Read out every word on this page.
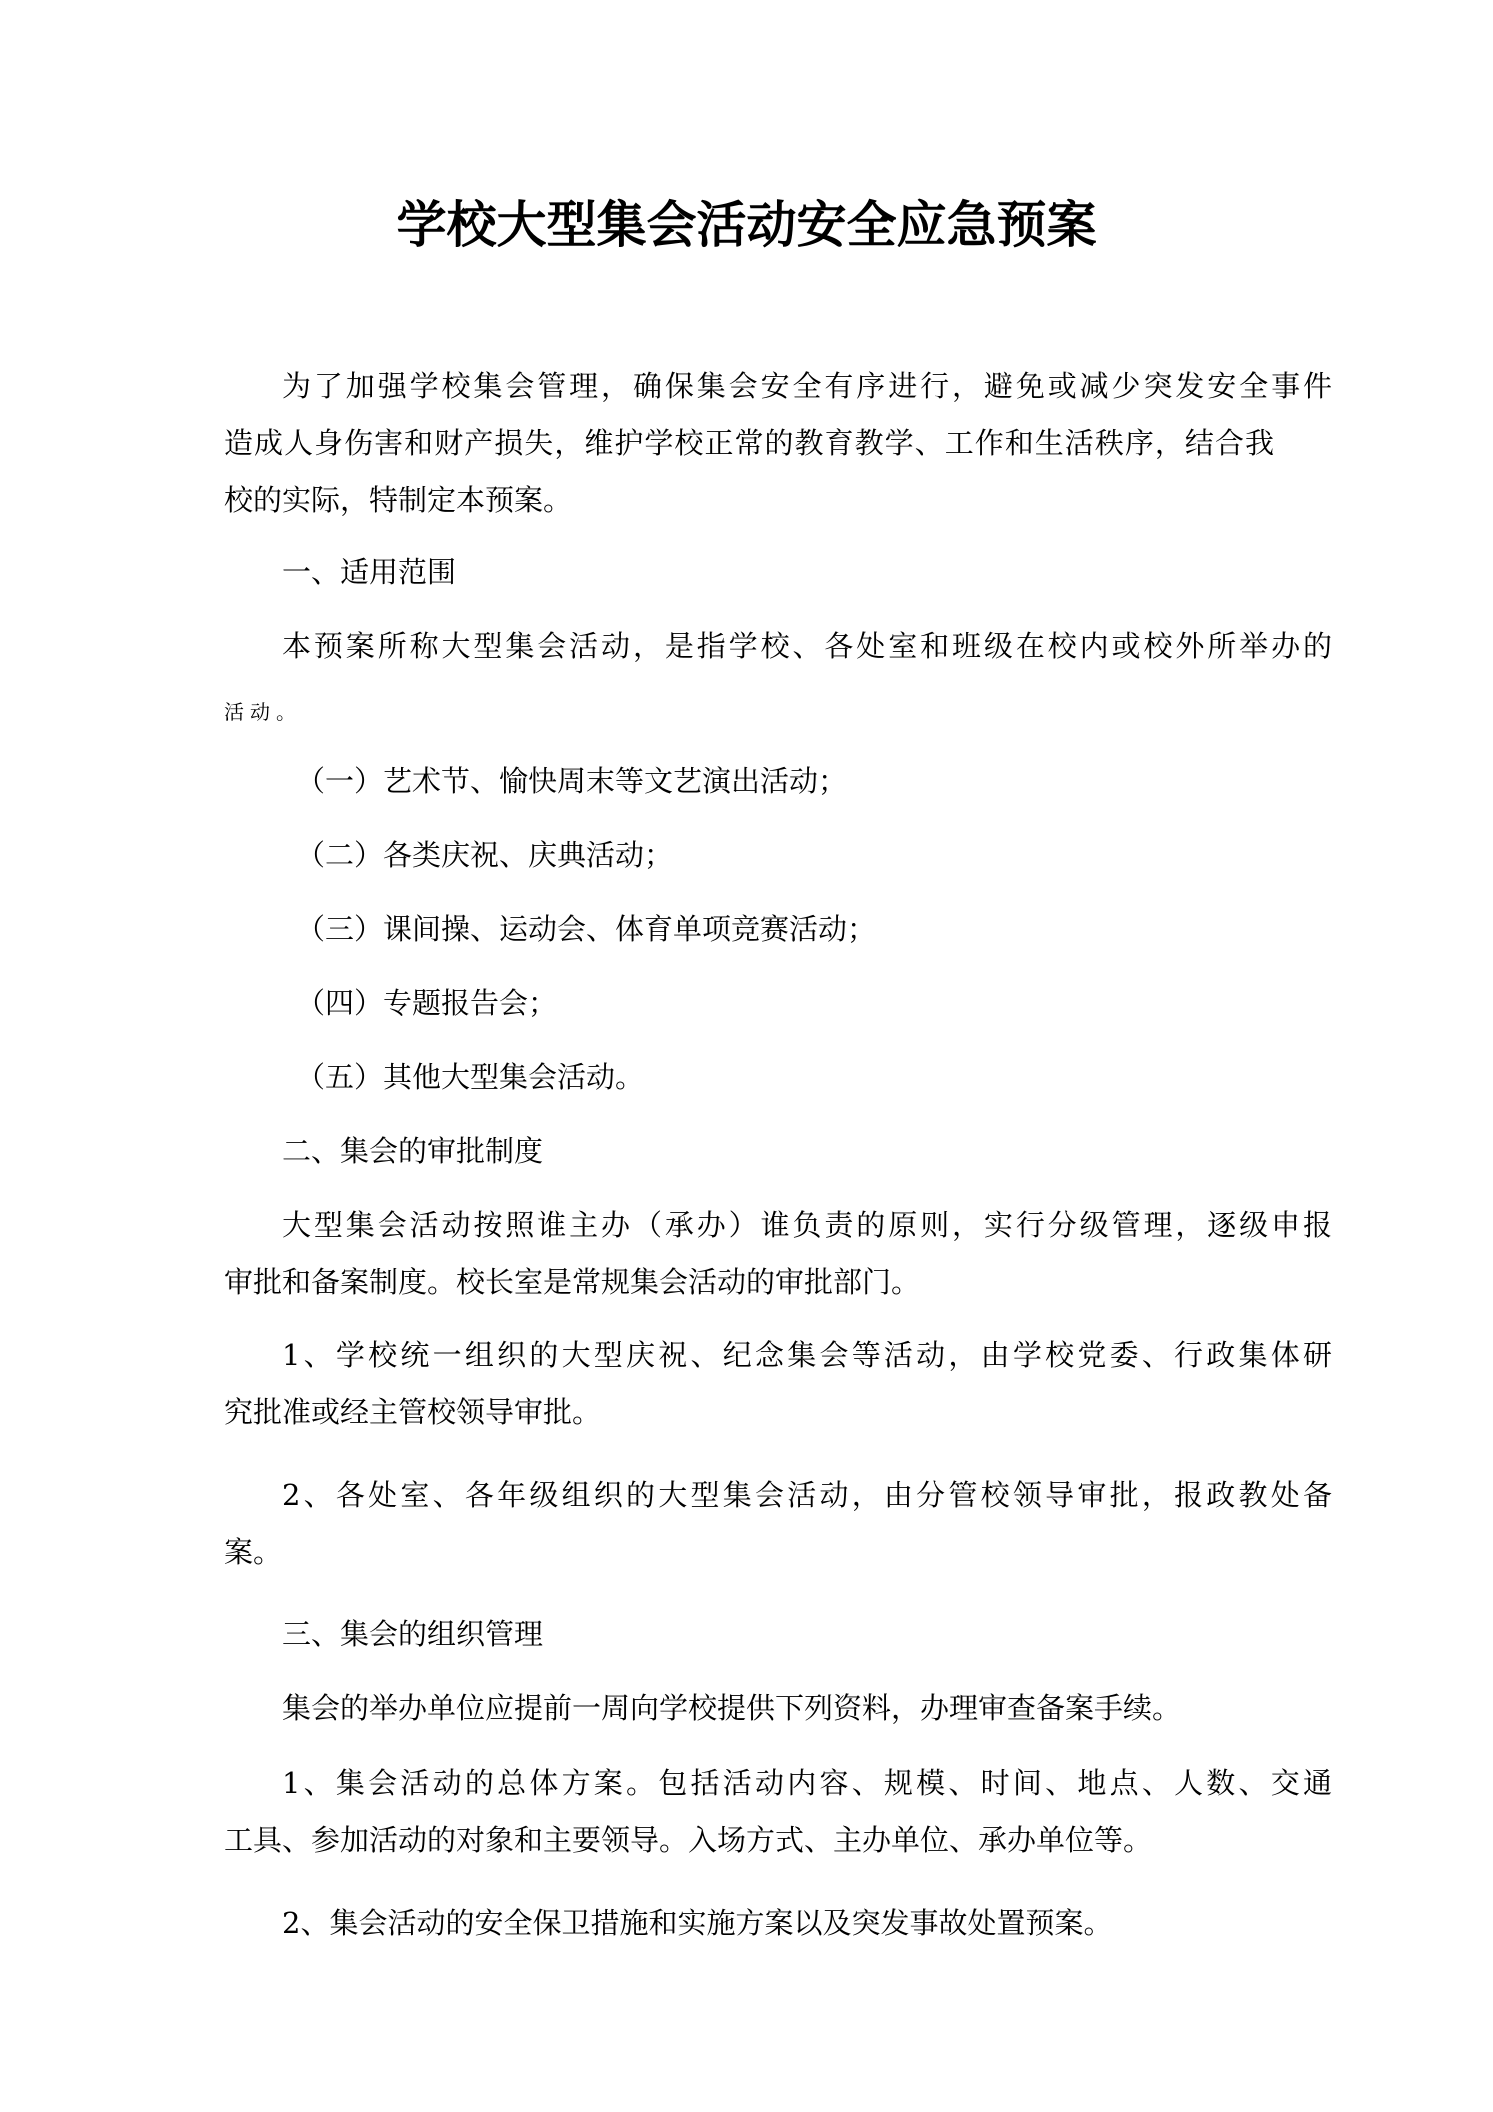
学校大型集会活动安全应急预案

为了加强学校集会管理，确保集会安全有序进行，避免或减少突发安全事件

造成人身伤害和财产损失，维护学校正常的教育教学、工作和生活秩序，结合我

校的实际，特制定本预案。

一、适用范围

本预案所称大型集会活动，是指学校、各处室和班级在校内或校外所举办的

活动。

（一）艺术节、愉快周末等文艺演出活动；

（二）各类庆祝、庆典活动；

（三）课间操、运动会、体育单项竞赛活动；

（四）专题报告会；

（五）其他大型集会活动。

二、集会的审批制度

大型集会活动按照谁主办（承办）谁负责的原则，实行分级管理，逐级申报

审批和备案制度。校长室是常规集会活动的审批部门。

1、学校统一组织的大型庆祝、纪念集会等活动，由学校党委、行政集体研

究批准或经主管校领导审批。

2、各处室、各年级组织的大型集会活动，由分管校领导审批，报政教处备

案。

三、集会的组织管理

集会的举办单位应提前一周向学校提供下列资料，办理审查备案手续。

1、集会活动的总体方案。包括活动内容、规模、时间、地点、人数、交通

工具、参加活动的对象和主要领导。入场方式、主办单位、承办单位等。

2、集会活动的安全保卫措施和实施方案以及突发事故处置预案。
